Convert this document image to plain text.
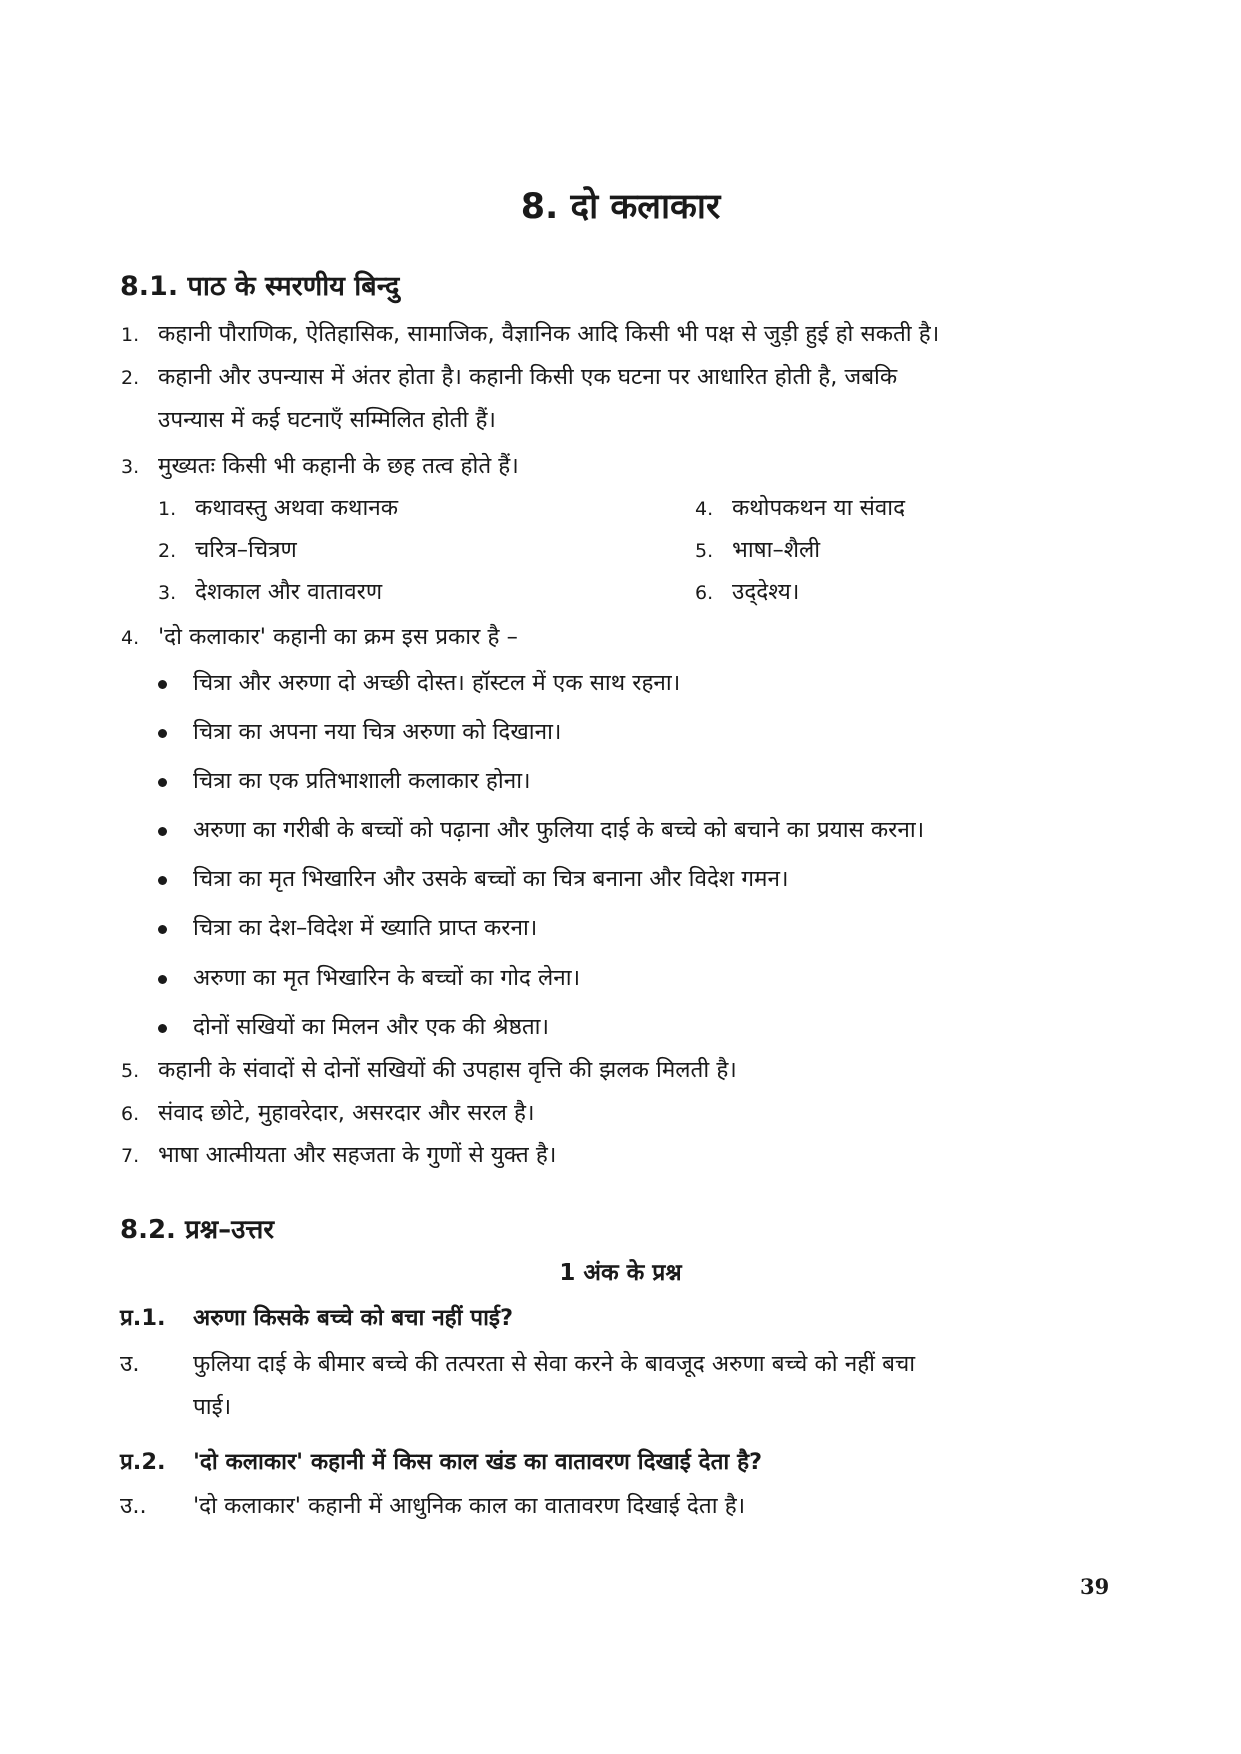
8. दो कलाकार
8.1. पाठ के स्मरणीय बिन्दु
1. कहानी पौराणिक, ऐतिहासिक, सामाजिक, वैज्ञानिक आदि किसी भी पक्ष से जुड़ी हुई हो सकती है।
2. कहानी और उपन्यास में अंतर होता है। कहानी किसी एक घटना पर आधारित होती है, जबकि
उपन्यास में कई घटनाएँ सम्मिलित होती हैं।
3. मुख्यतः किसी भी कहानी के छह तत्व होते हैं।
1. कथावस्तु अथवा कथानक
2. चरित्र–चित्रण
3. देशकाल और वातावरण
4. कथोपकथन या संवाद
5. भाषा–शैली
6. उद्‌देश्य।
4. 'दो कलाकार' कहानी का क्रम इस प्रकार है –
चित्रा और अरुणा दो अच्छी दोस्त। हॉस्टल में एक साथ रहना।
चित्रा का अपना नया चित्र अरुणा को दिखाना।
चित्रा का एक प्रतिभाशाली कलाकार होना।
अरुणा का गरीबी के बच्चों को पढ़ाना और फुलिया दाई के बच्चे को बचाने का प्रयास करना।
चित्रा का मृत भिखारिन और उसके बच्चों का चित्र बनाना और विदेश गमन।
चित्रा का देश–विदेश में ख्याति प्राप्त करना।
अरुणा का मृत भिखारिन के बच्चों का गोद लेना।
दोनों सखियों का मिलन और एक की श्रेष्ठता।
5. कहानी के संवादों से दोनों सखियों की उपहास वृत्ति की झलक मिलती है।
6. संवाद छोटे, मुहावरेदार, असरदार और सरल है।
7. भाषा आत्मीयता और सहजता के गुणों से युक्त है।
8.2. प्रश्न–उत्तर
1 अंक के प्रश्न
प्र.1. अरुणा किसके बच्चे को बचा नहीं पाई?
उ. फुलिया दाई के बीमार बच्चे की तत्परता से सेवा करने के बावजूद अरुणा बच्चे को नहीं बचा
पाई।
प्र.2. 'दो कलाकार' कहानी में किस काल खंड का वातावरण दिखाई देता है?
उ.. 'दो कलाकार' कहानी में आधुनिक काल का वातावरण दिखाई देता है।
39
